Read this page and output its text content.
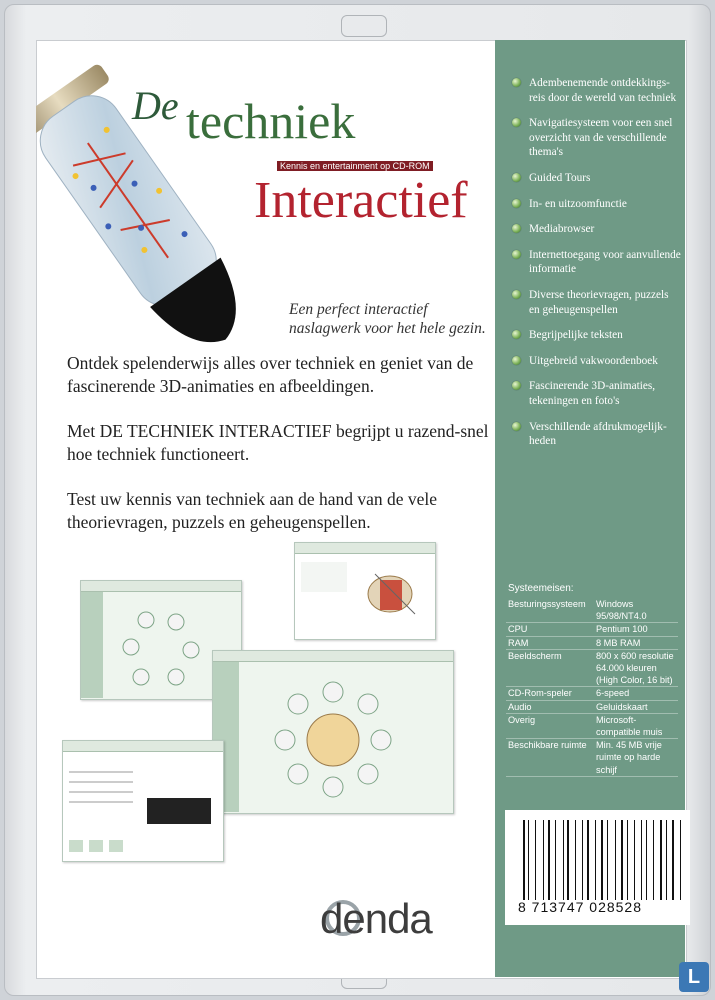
De techniek
Kennis en entertainment op CD-ROM
Interactief
Een perfect interactief naslagwerk voor het hele gezin.

Ontdek spelenderwijs alles over techniek en geniet van de fascinerende 3D-animaties en afbeeldingen.

Met DE TECHNIEK INTERACTIEF begrijpt u razend-snel hoe techniek functioneert.

Test uw kennis van techniek aan de hand van de vele theorievragen, puzzels en geheugenspellen.

Adembenemende ontdekkings-reis door de wereld van techniek
Navigatiesysteem voor een snel overzicht van de verschillende thema's
Guided Tours
In- en uitzoomfunctie
Mediabrowser
Internettoegang voor aanvullende informatie
Diverse theorievragen, puzzels en geheugenspellen
Begrijpelijke teksten
Uitgebreid vakwoordenboek
Fascinerende 3D-animaties, tekeningen en foto's
Verschillende afdrukmogelijk-heden
Systeemeisen:
Besturingssysteem	Windows 95/98/NT4.0
CPU	Pentium 100
RAM	8 MB RAM
Beeldscherm	800 x 600 resolutie 64.000 kleuren (High Color, 16 bit)
CD-Rom-speler	6-speed
Audio	Geluidskaart
Overig	Microsoft-compatible muis
Beschikbare ruimte	Min. 45 MB vrije ruimte op harde schijf
8 713747 028528
denda
L
